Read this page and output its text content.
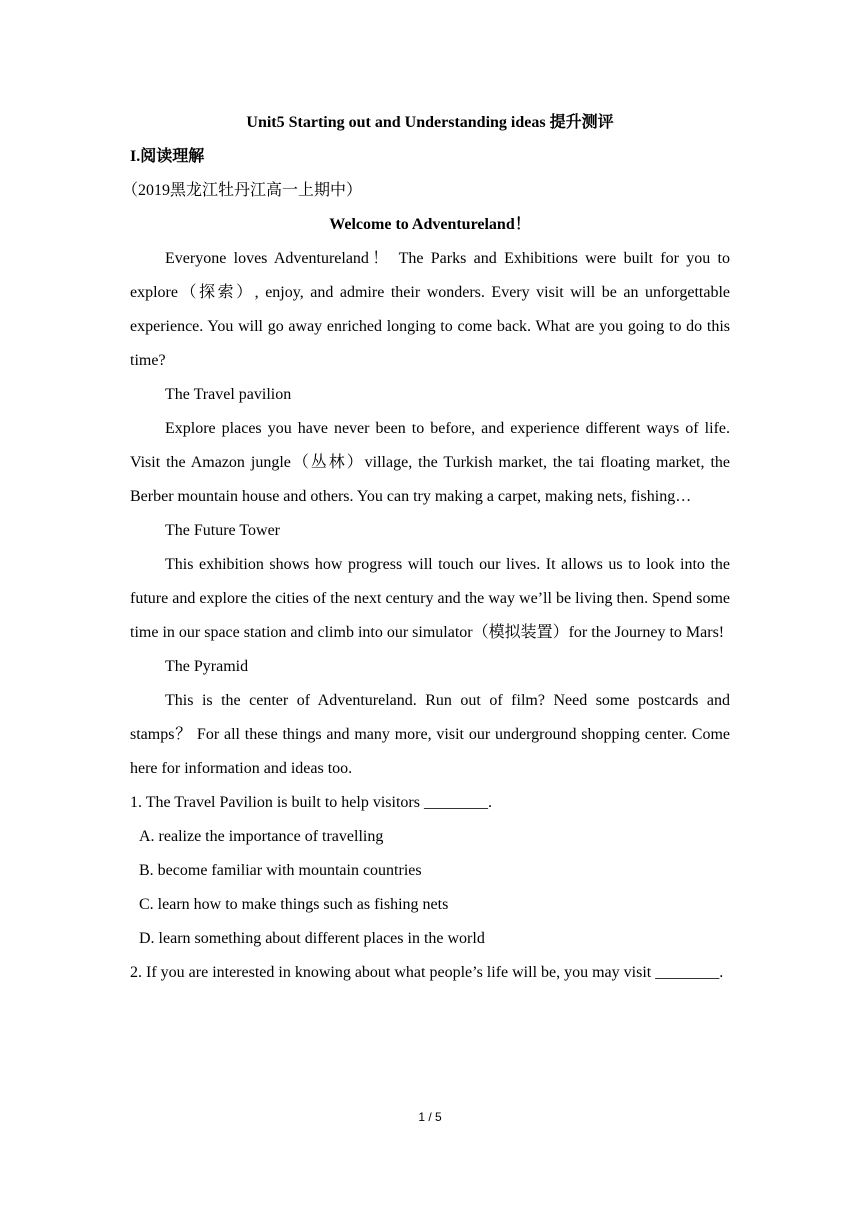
Unit5 Starting out and Understanding ideas 提升测评
I.阅读理解
（2019黑龙江牡丹江高一上期中）
Welcome to Adventureland！

Everyone loves Adventureland！ The Parks and Exhibitions were built for you to explore（探索）, enjoy, and admire their wonders. Every visit will be an unforgettable experience. You will go away enriched longing to come back. What are you going to do this time?

The Travel pavilion

Explore places you have never been to before, and experience different ways of life. Visit the Amazon jungle（丛林）village, the Turkish market, the tai floating market, the Berber mountain house and others. You can try making a carpet, making nets, fishing…

The Future Tower

This exhibition shows how progress will touch our lives. It allows us to look into the future and explore the cities of the next century and the way we’ll be living then. Spend some time in our space station and climb into our simulator（模拟装置）for the Journey to Mars!

The Pyramid

This is the center of Adventureland. Run out of film? Need some postcards and stamps？ For all these things and many more, visit our underground shopping center. Come here for information and ideas too.

1. The Travel Pavilion is built to help visitors ________.

A. realize the importance of travelling
B. become familiar with mountain countries
C. learn how to make things such as fishing nets
D. learn something about different places in the world

2. If you are interested in knowing about what people’s life will be, you may visit ________.

1 / 5
